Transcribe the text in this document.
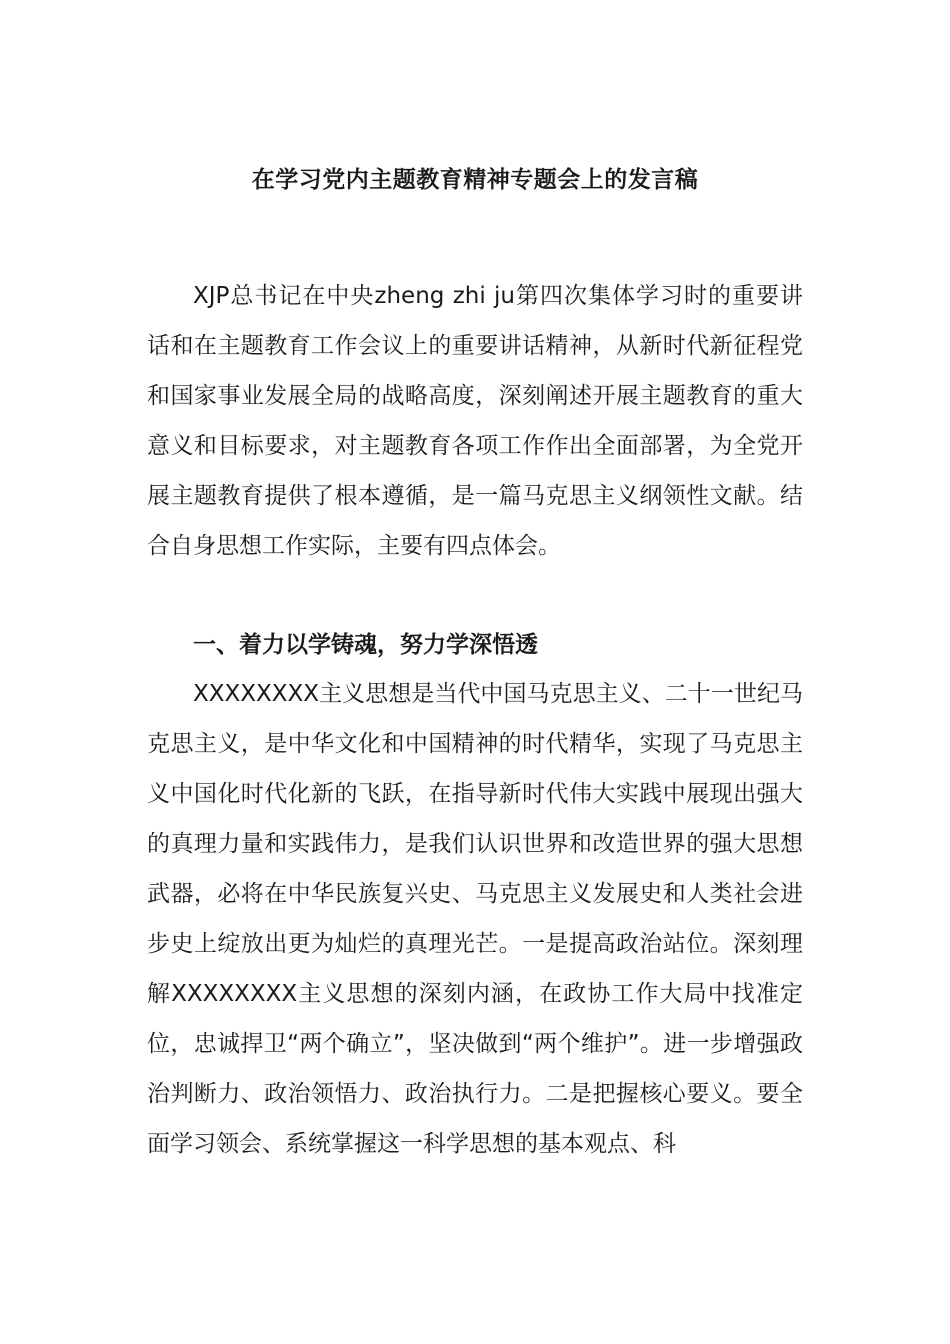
在学习党内主题教育精神专题会上的发言稿

XJP总书记在中央zheng zhi ju第四次集体学习时的重要讲话和在主题教育工作会议上的重要讲话精神，从新时代新征程党和国家事业发展全局的战略高度，深刻阐述开展主题教育的重大意义和目标要求，对主题教育各项工作作出全面部署，为全党开展主题教育提供了根本遵循，是一篇马克思主义纲领性文献。结合自身思想工作实际，主要有四点体会。

一、着力以学铸魂，努力学深悟透

XXXXXXXX主义思想是当代中国马克思主义、二十一世纪马克思主义，是中华文化和中国精神的时代精华，实现了马克思主义中国化时代化新的飞跃，在指导新时代伟大实践中展现出强大的真理力量和实践伟力，是我们认识世界和改造世界的强大思想武器，必将在中华民族复兴史、马克思主义发展史和人类社会进步史上绽放出更为灿烂的真理光芒。一是提高政治站位。深刻理解XXXXXXXX主义思想的深刻内涵，在政协工作大局中找准定位，忠诚捍卫“两个确立”，坚决做到“两个维护”。进一步增强政治判断力、政治领悟力、政治执行力。二是把握核心要义。要全面学习领会、系统掌握这一科学思想的基本观点、科
